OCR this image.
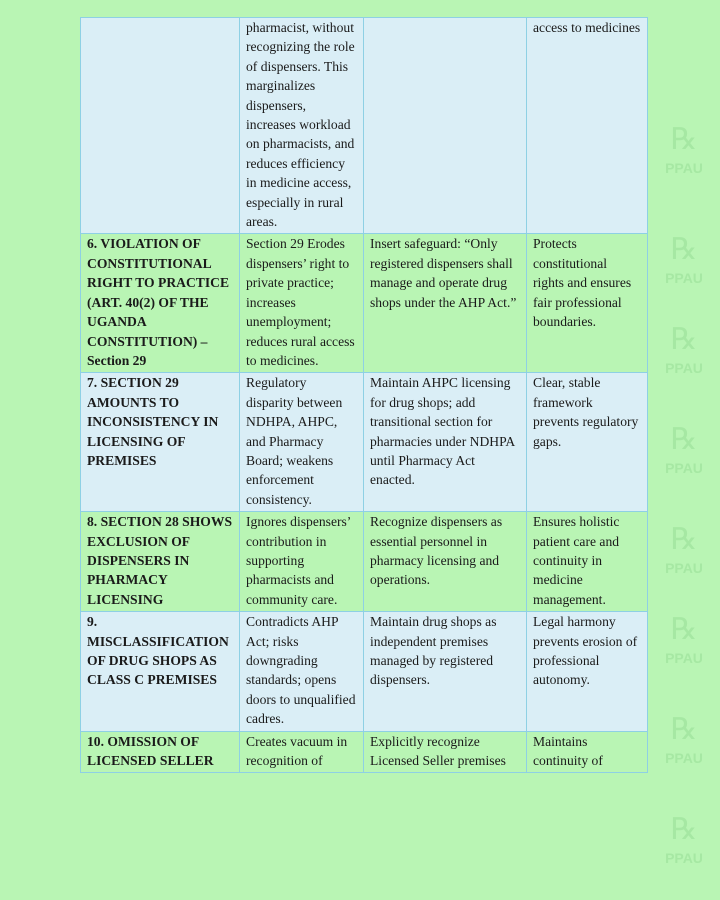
℞
PPAU
℞
PPAU
℞
PPAU
℞
PPAU
℞
PPAU
℞
PPAU
℞
PPAU
℞
PPAU
	pharmacist, without recognizing the role of dispensers. This marginalizes dispensers, increases workload on pharmacists, and reduces efficiency in medicine access, especially in rural areas.		access to medicines
6. VIOLATION OF CONSTITUTIONAL RIGHT TO PRACTICE (ART. 40(2) OF THE UGANDA CONSTITUTION) – Section 29	Section 29 Erodes dispensers’ right to private practice; increases unemployment; reduces rural access to medicines.	Insert safeguard: “Only registered dispensers shall manage and operate drug shops under the AHP Act.”	Protects constitutional rights and ensures fair professional boundaries.
7. SECTION 29 AMOUNTS TO INCONSISTENCY IN LICENSING OF PREMISES	Regulatory disparity between NDHPA, AHPC, and Pharmacy Board; weakens enforcement consistency.	Maintain AHPC licensing for drug shops; add transitional section for pharmacies under NDHPA until Pharmacy Act enacted.	Clear, stable framework prevents regulatory gaps.
8. SECTION 28 SHOWS EXCLUSION OF DISPENSERS IN PHARMACY LICENSING	Ignores dispensers’ contribution in supporting pharmacists and community care.	Recognize dispensers as essential personnel in pharmacy licensing and operations.	Ensures holistic patient care and continuity in medicine management.
9. MISCLASSIFICATION OF DRUG SHOPS AS CLASS C PREMISES	Contradicts AHP Act; risks downgrading standards; opens doors to unqualified cadres.	Maintain drug shops as independent premises managed by registered dispensers.	Legal harmony prevents erosion of professional autonomy.
10. OMISSION OF LICENSED SELLER	Creates vacuum in recognition of	Explicitly recognize Licensed Seller premises	Maintains continuity of
